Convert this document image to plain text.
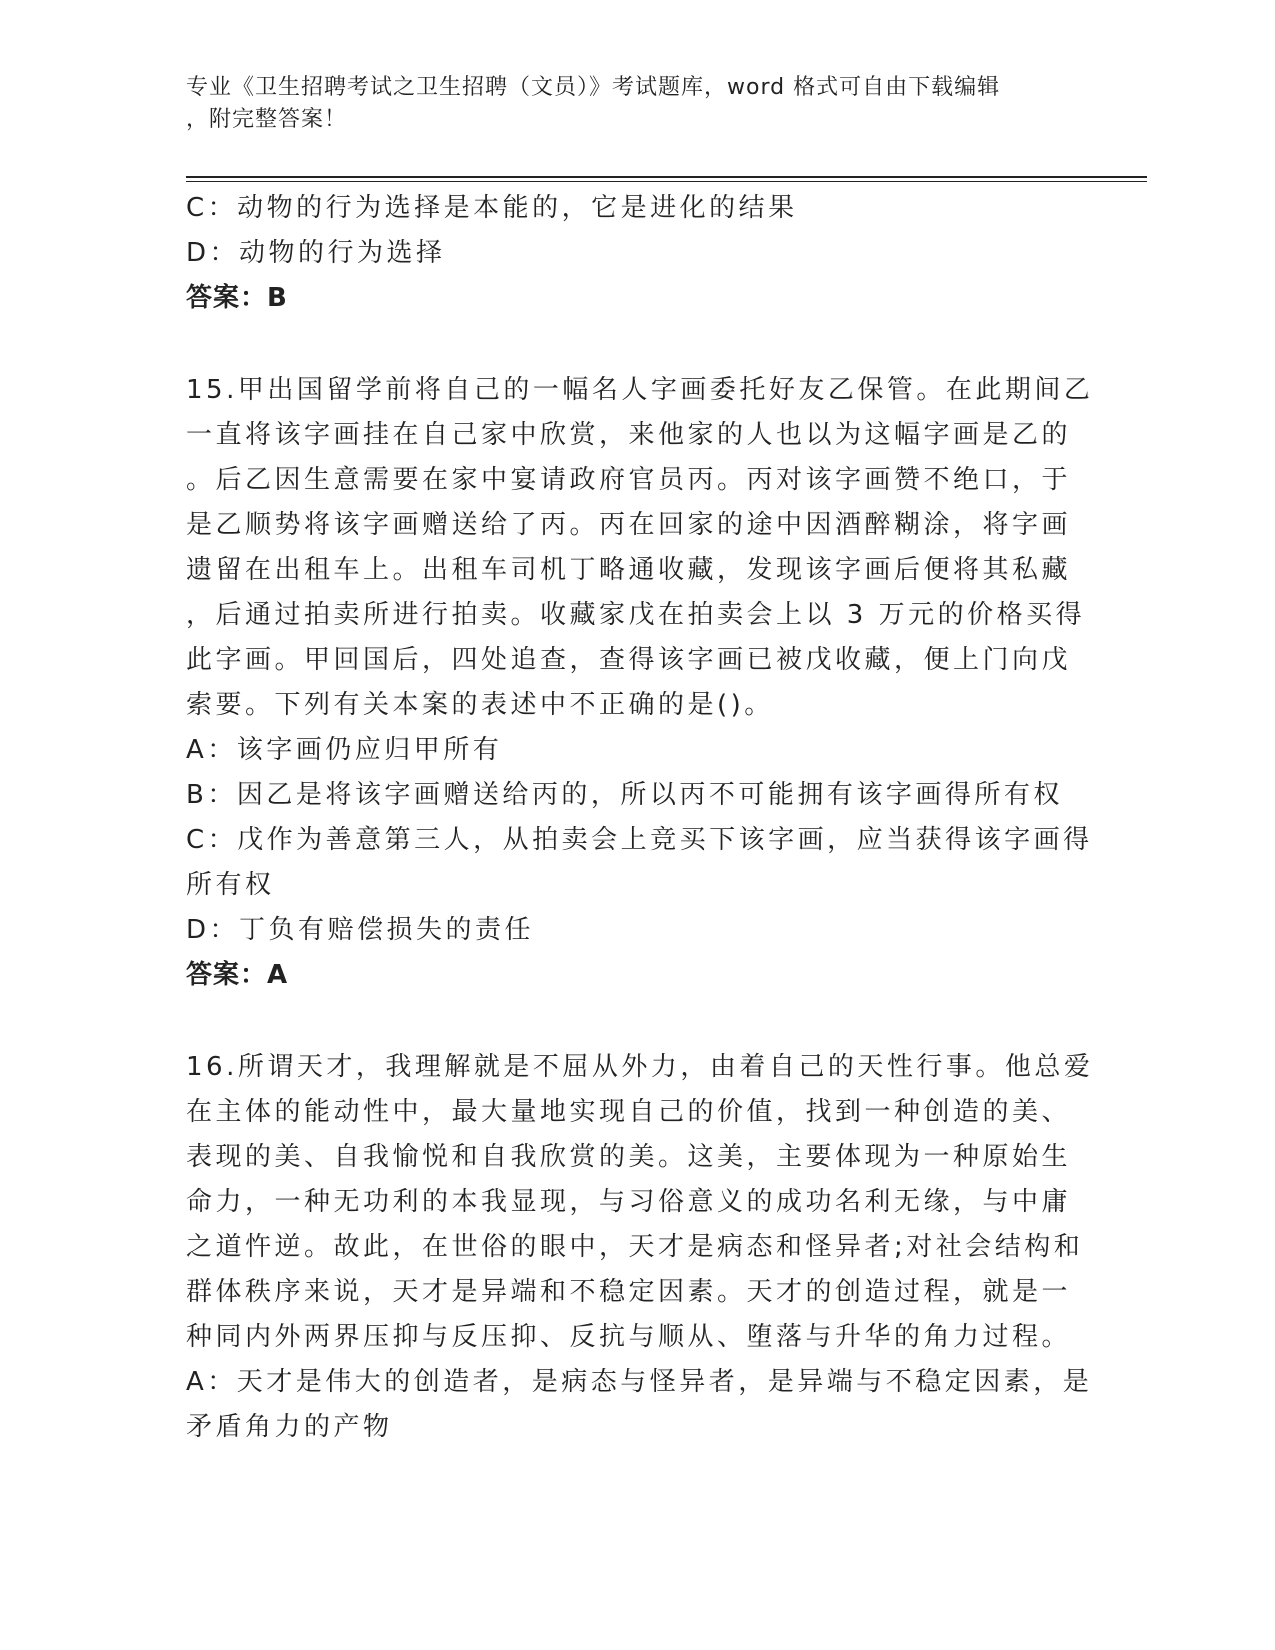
专业《卫生招聘考试之卫生招聘（文员）》考试题库，word 格式可自由下载编辑
，附完整答案！
C：动物的行为选择是本能的，它是进化的结果
D：动物的行为选择
答案：B
15.甲出国留学前将自己的一幅名人字画委托好友乙保管。在此期间乙
一直将该字画挂在自己家中欣赏，来他家的人也以为这幅字画是乙的
。后乙因生意需要在家中宴请政府官员丙。丙对该字画赞不绝口，于
是乙顺势将该字画赠送给了丙。丙在回家的途中因酒醉糊涂，将字画
遗留在出租车上。出租车司机丁略通收藏，发现该字画后便将其私藏
，后通过拍卖所进行拍卖。收藏家戊在拍卖会上以 3 万元的价格买得
此字画。甲回国后，四处追查，查得该字画已被戊收藏，便上门向戊
索要。下列有关本案的表述中不正确的是()。
A：该字画仍应归甲所有
B：因乙是将该字画赠送给丙的，所以丙不可能拥有该字画得所有权
C：戊作为善意第三人，从拍卖会上竞买下该字画，应当获得该字画得
所有权
D：丁负有赔偿损失的责任
答案：A
16.所谓天才，我理解就是不屈从外力，由着自己的天性行事。他总爱
在主体的能动性中，最大量地实现自己的价值，找到一种创造的美、
表现的美、自我愉悦和自我欣赏的美。这美，主要体现为一种原始生
命力，一种无功利的本我显现，与习俗意义的成功名利无缘，与中庸
之道忤逆。故此，在世俗的眼中，天才是病态和怪异者;对社会结构和
群体秩序来说，天才是异端和不稳定因素。天才的创造过程，就是一
种同内外两界压抑与反压抑、反抗与顺从、堕落与升华的角力过程。
A：天才是伟大的创造者，是病态与怪异者，是异端与不稳定因素，是
矛盾角力的产物
